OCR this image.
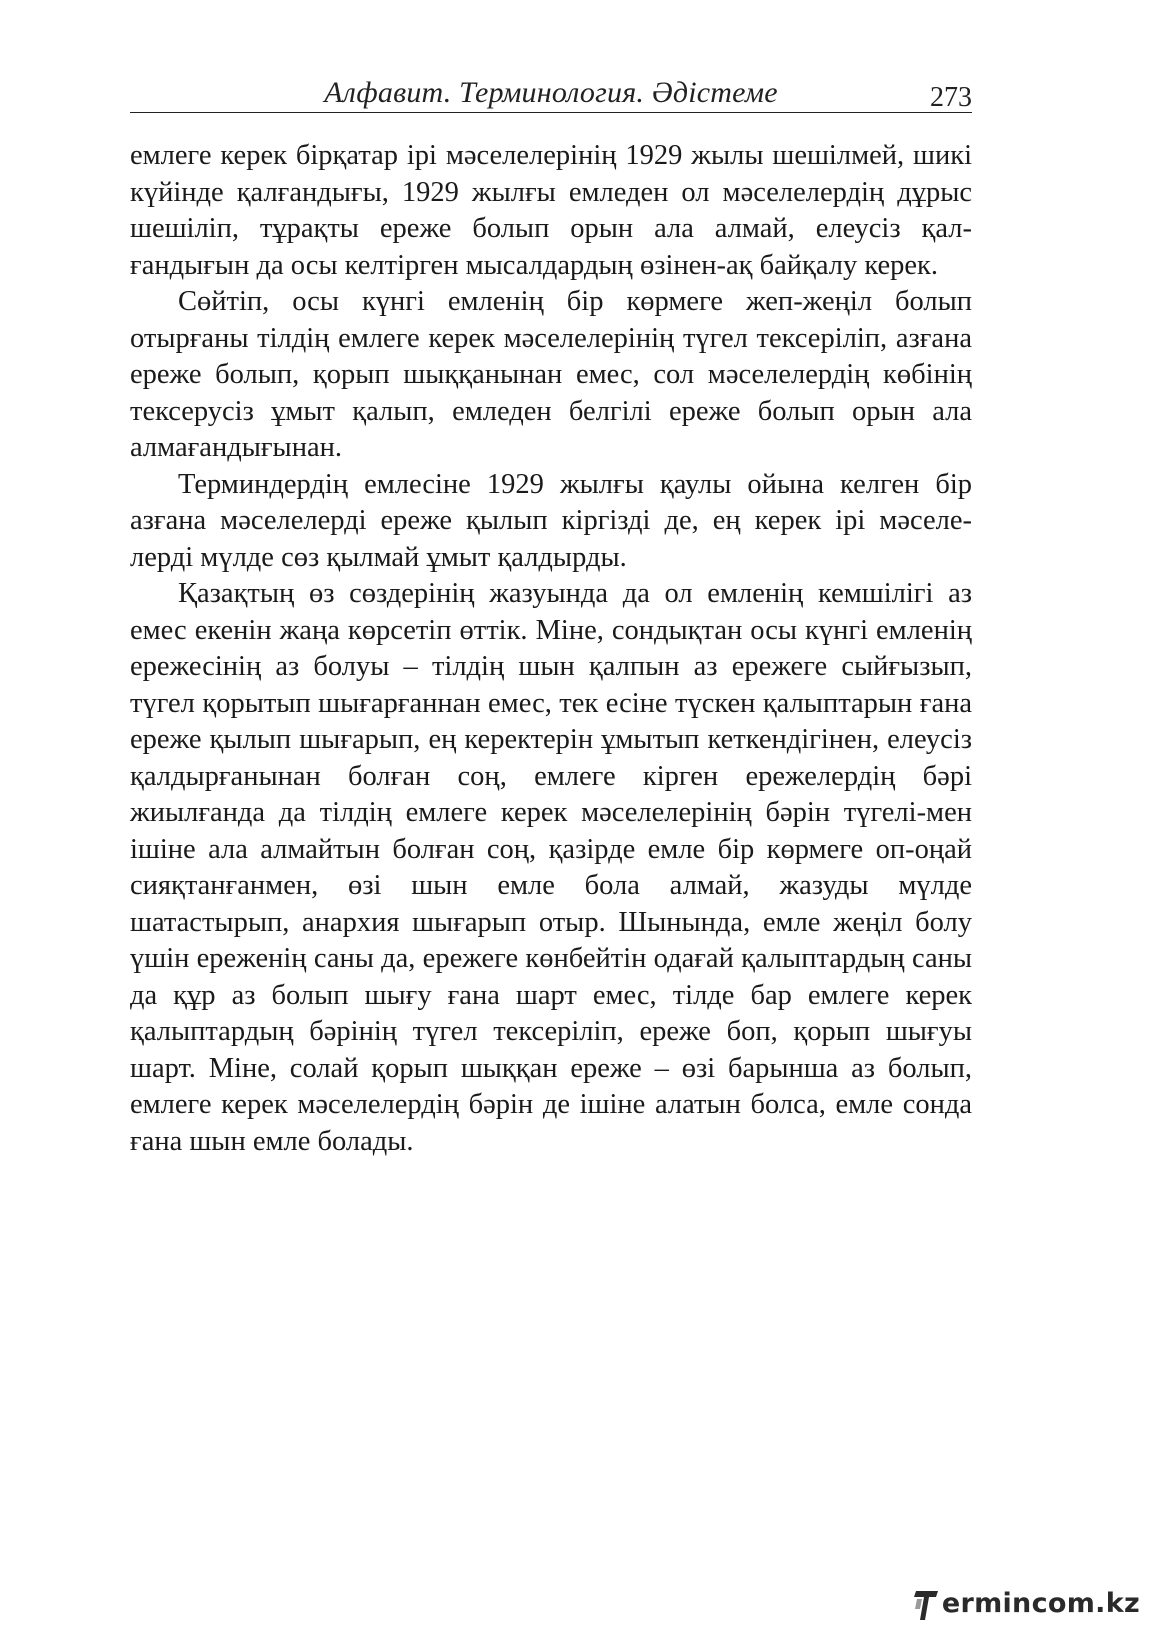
Алфавит. Терминология. Әдістеме	273

емлеге керек бірқатар ірі мәселелерінің 1929 жылы шешілмей, шикі күйінде қалғандығы, 1929 жылғы емледен ол мәселелердің дұрыс шешіліп, тұрақты ереже болып орын ала алмай, елеусіз қал-ғандығын да осы келтірген мысалдардың өзінен-ақ байқалу керек.

Сөйтіп, осы күнгі емленің бір көрмеге жеп-жеңіл болып отырғаны тілдің емлеге керек мәселелерінің түгел тексеріліп, азғана ереже болып, қорып шыққанынан емес, сол мәселелердің көбінің тексерусіз ұмыт қалып, емледен белгілі ереже болып орын ала алмағандығынан.

Терминдердің емлесіне 1929 жылғы қаулы ойына келген бір азғана мәселелерді ереже қылып кіргізді де, ең керек ірі мәселе-лерді мүлде сөз қылмай ұмыт қалдырды.

Қазақтың өз сөздерінің жазуында да ол емленің кемшілігі аз емес екенін жаңа көрсетіп өттік. Міне, сондықтан осы күнгі емленің ережесінің аз болуы – тілдің шын қалпын аз ережеге сыйғызып, түгел қорытып шығарғаннан емес, тек есіне түскен қалыптарын ғана ереже қылып шығарып, ең керектерін ұмытып кеткендігінен, елеусіз қалдырғанынан болған соң, емлеге кірген ережелердің бәрі жиылғанда да тілдің емлеге керек мәселелерінің бәрін түгелі-мен ішіне ала алмайтын болған соң, қазірде емле бір көрмеге оп-оңай сияқтанғанмен, өзі шын емле бола алмай, жазуды мүлде шатастырып, анархия шығарып отыр. Шынында, емле жеңіл болу үшін ереженің саны да, ережеге көнбейтін одағай қалыптардың саны да құр аз болып шығу ғана шарт емес, тілде бар емлеге керек қалыптардың бәрінің түгел тексеріліп, ереже боп, қорып шығуы шарт. Міне, солай қорып шыққан ереже – өзі барынша аз болып, емлеге керек мәселелердің бәрін де ішіне алатын болса, емле сонда ғана шын емле болады.

ermincom.kz
